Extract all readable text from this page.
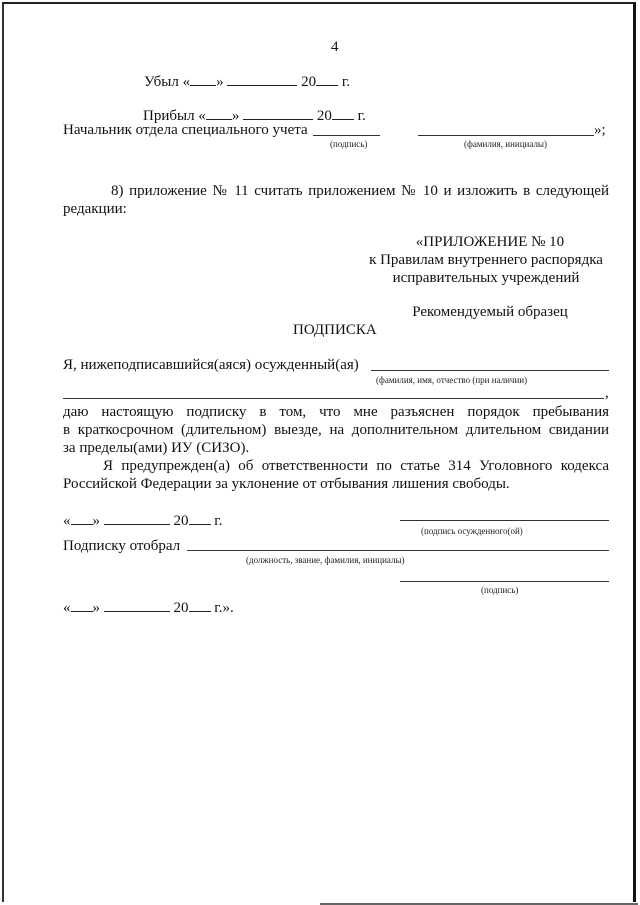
4
Убыл « »	20 г.
Прибыл « »	20 г.
Начальник отдела специального учета	»;
(подпись)	(фамилия, инициалы)
8) приложение № 11 считать приложением № 10 и изложить в следующей
редакции:
«ПРИЛОЖЕНИЕ № 10
к Правилам внутреннего распорядка
исправительных учреждений
Рекомендуемый образец
ПОДПИСКА
Я, нижеподписавшийся(аяся) осужденный(ая)
(фамилия, имя, отчество (при наличии)
,
даю настоящую подписку в том, что мне разъяснен порядок пребывания
в краткосрочном (длительном) выезде, на дополнительном длительном свидании
за пределы(ами) ИУ (СИЗО).
Я предупрежден(а) об ответственности по статье 314 Уголовного кодекса
Российской Федерации за уклонение от отбывания лишения свободы.
« »	20 г.
(подпись осужденного(ой)
Подписку отобрал
(должность, звание, фамилия, инициалы)
(подпись)
« »	20 г.».
